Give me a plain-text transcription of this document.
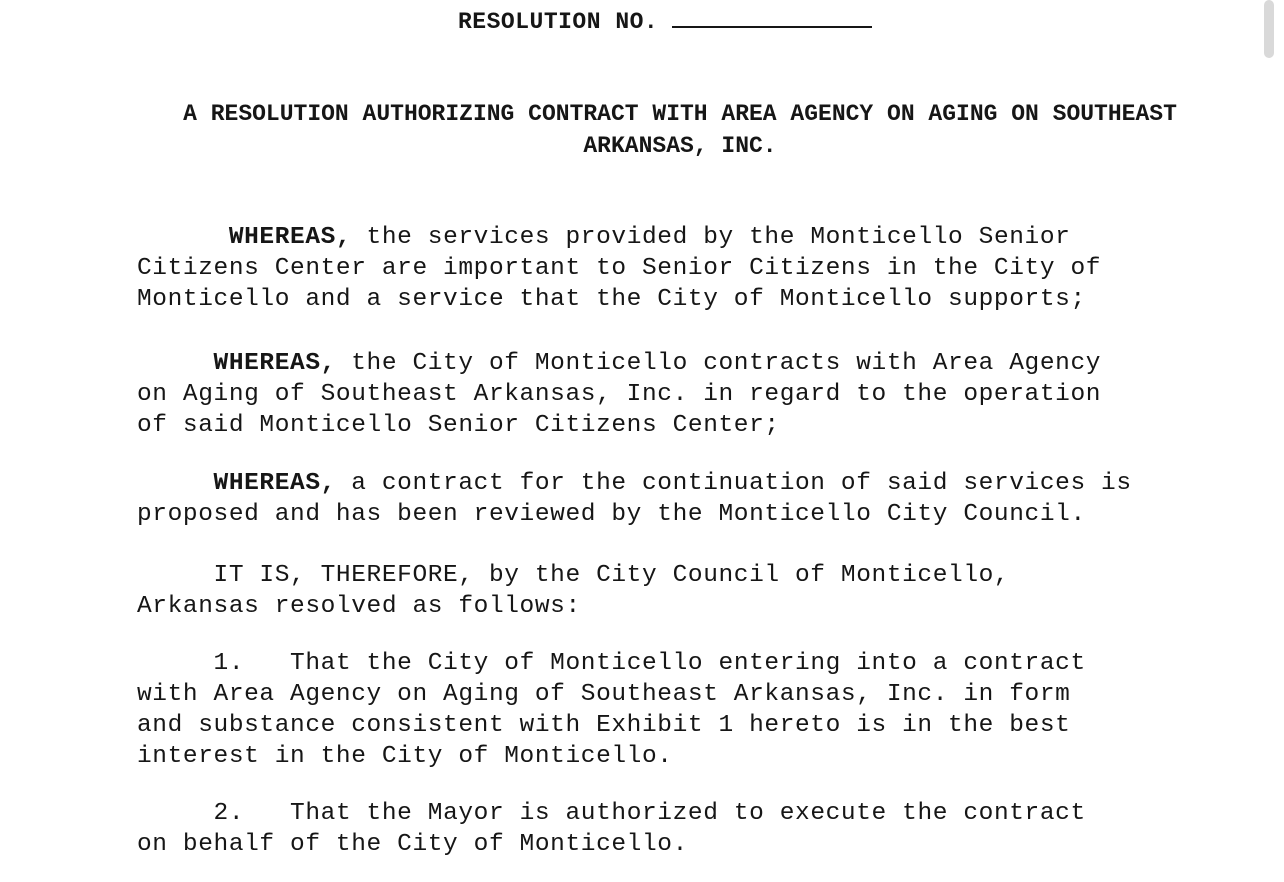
RESOLUTION NO.
A RESOLUTION AUTHORIZING CONTRACT WITH AREA AGENCY ON AGING ON SOUTHEAST ARKANSAS, INC.
WHEREAS, the services provided by the Monticello Senior
Citizens Center are important to Senior Citizens in the City of
Monticello and a service that the City of Monticello supports;
WHEREAS, the City of Monticello contracts with Area Agency
on Aging of Southeast Arkansas, Inc. in regard to the operation
of said Monticello Senior Citizens Center;
WHEREAS, a contract for the continuation of said services is
proposed and has been reviewed by the Monticello City Council.
IT IS, THEREFORE, by the City Council of Monticello,
Arkansas resolved as follows:
1. That the City of Monticello entering into a contract
with Area Agency on Aging of Southeast Arkansas, Inc. in form
and substance consistent with Exhibit 1 hereto is in the best
interest in the City of Monticello.
2. That the Mayor is authorized to execute the contract
on behalf of the City of Monticello.
